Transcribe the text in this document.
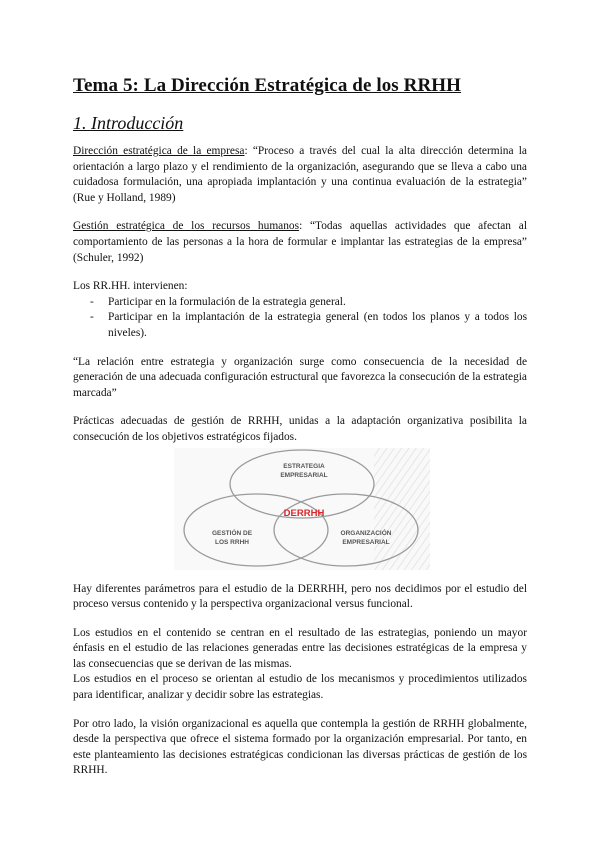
Tema 5: La Dirección Estratégica de los RRHH
1. Introducción

Dirección estratégica de la empresa: “Proceso a través del cual la alta dirección determina la orientación a largo plazo y el rendimiento de la organización, asegurando que se lleva a cabo una cuidadosa formulación, una apropiada implantación y una continua evaluación de la estrategia” (Rue y Holland, 1989)

Gestión estratégica de los recursos humanos: “Todas aquellas actividades que afectan al comportamiento de las personas a la hora de formular e implantar las estrategias de la empresa” (Schuler, 1992)

Los RR.HH. intervienen:

- Participar en la formulación de la estrategia general.
- Participar en la implantación de la estrategia general (en todos los planos y a todos los niveles).

“La relación entre estrategia y organización surge como consecuencia de la necesidad de generación de una adecuada configuración estructural que favorezca la consecución de la estrategia marcada”

Prácticas adecuadas de gestión de RRHH, unidas a la adaptación organizativa posibilita la consecución de los objetivos estratégicos fijados.

ESTRATEGIA
EMPRESARIAL
GESTIÓN DE
LOS RRHH
ORGANIZACIÓN
EMPRESARIAL
DERRHH

Hay diferentes parámetros para el estudio de la DERRHH, pero nos decidimos por el estudio del proceso versus contenido y la perspectiva organizacional versus funcional.

Los estudios en el contenido se centran en el resultado de las estrategias, poniendo un mayor énfasis en el estudio de las relaciones generadas entre las decisiones estratégicas de la empresa y las consecuencias que se derivan de las mismas.

Los estudios en el proceso se orientan al estudio de los mecanismos y procedimientos utilizados para identificar, analizar y decidir sobre las estrategias.

Por otro lado, la visión organizacional es aquella que contempla la gestión de RRHH globalmente, desde la perspectiva que ofrece el sistema formado por la organización empresarial. Por tanto, en este planteamiento las decisiones estratégicas condicionan las diversas prácticas de gestión de los RRHH.
